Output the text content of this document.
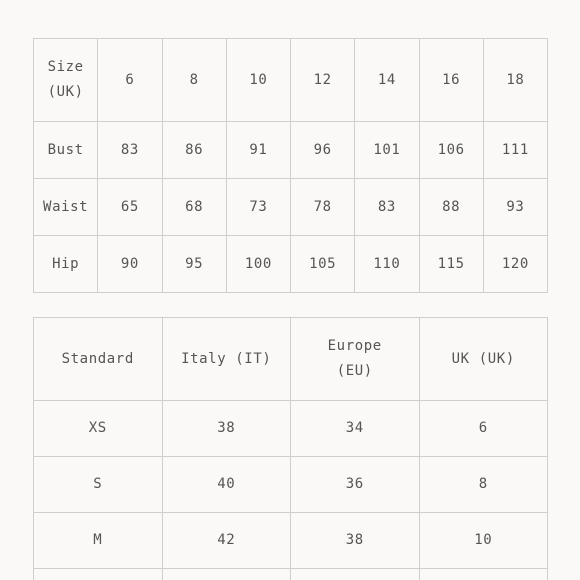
Size
(UK)	6	8	10	12	14	16	18
Bust	83	86	91	96	101	106	111
Waist	65	68	73	78	83	88	93
Hip	90	95	100	105	110	115	120
Standard	Italy (IT)	Europe
(EU)	UK (UK)
XS	38	34	6
S	40	36	8
M	42	38	10
